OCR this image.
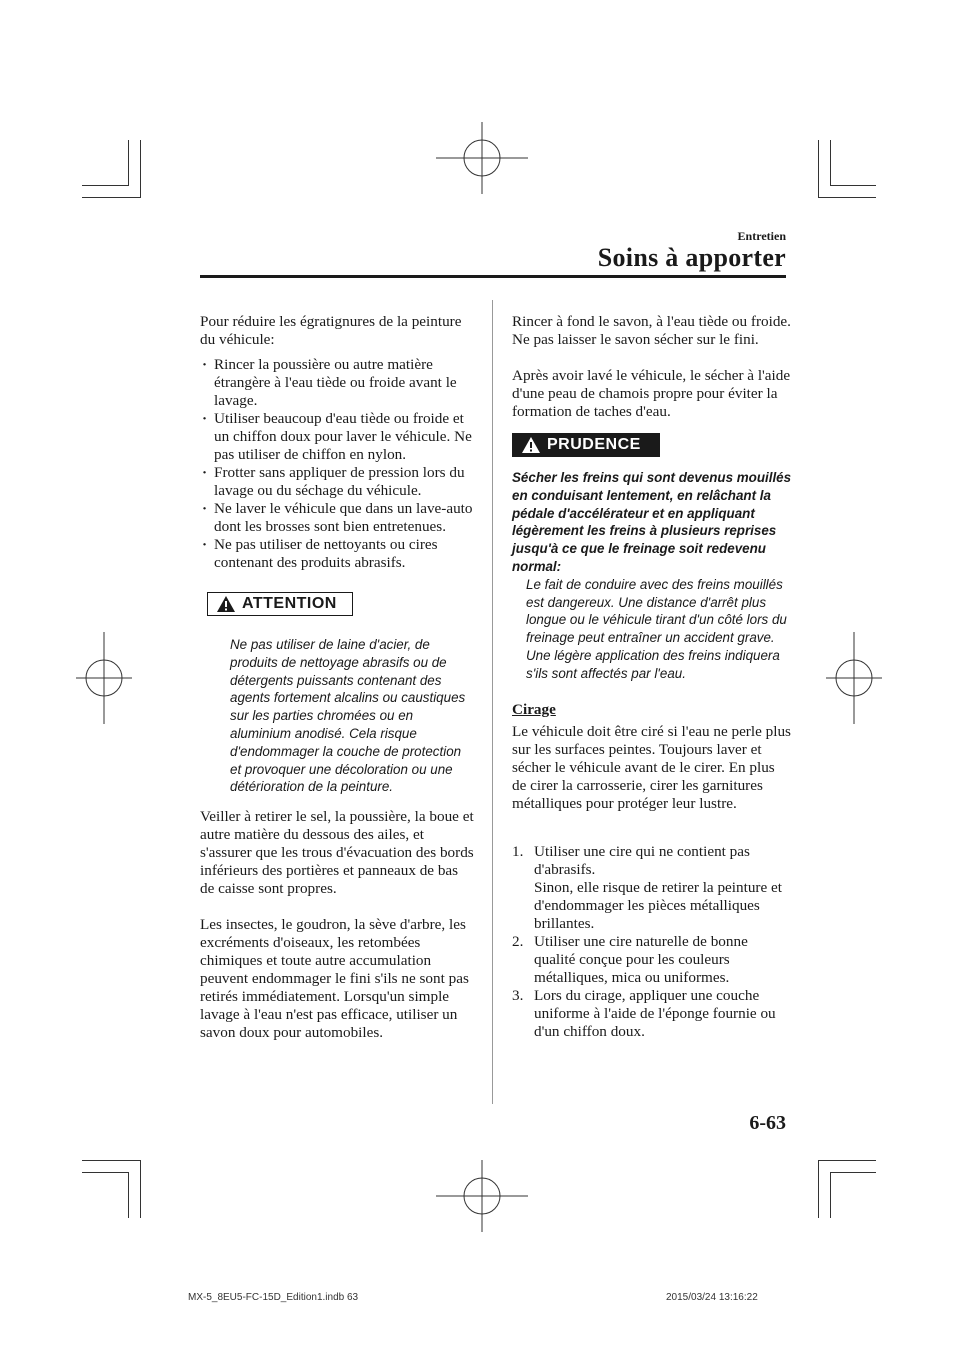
Entretien
Soins à apporter

Pour réduire les égratignures de la peinture du véhicule:

· Rincer la poussière ou autre matière étrangère à l'eau tiède ou froide avant le lavage.
· Utiliser beaucoup d'eau tiède ou froide et un chiffon doux pour laver le véhicule. Ne pas utiliser de chiffon en nylon.
· Frotter sans appliquer de pression lors du lavage ou du séchage du véhicule.
· Ne laver le véhicule que dans un lave-auto dont les brosses sont bien entretenues.
· Ne pas utiliser de nettoyants ou cires contenant des produits abrasifs.
ATTENTION

Ne pas utiliser de laine d'acier, de produits de nettoyage abrasifs ou de détergents puissants contenant des agents fortement alcalins ou caustiques sur les parties chromées ou en aluminium anodisé. Cela risque d'endommager la couche de protection et provoquer une décoloration ou une détérioration de la peinture.

Veiller à retirer le sel, la poussière, la boue et autre matière du dessous des ailes, et s'assurer que les trous d'évacuation des bords inférieurs des portières et panneaux de bas de caisse sont propres.

Les insectes, le goudron, la sève d'arbre, les excréments d'oiseaux, les retombées chimiques et toute autre accumulation peuvent endommager le fini s'ils ne sont pas retirés immédiatement. Lorsqu'un simple lavage à l'eau n'est pas efficace, utiliser un savon doux pour automobiles.

Rincer à fond le savon, à l'eau tiède ou froide. Ne pas laisser le savon sécher sur le fini.

Après avoir lavé le véhicule, le sécher à l'aide d'une peau de chamois propre pour éviter la formation de taches d'eau.

PRUDENCE

Sécher les freins qui sont devenus mouillés en conduisant lentement, en relâchant la pédale d'accélérateur et en appliquant légèrement les freins à plusieurs reprises jusqu'à ce que le freinage soit redevenu normal:

Le fait de conduire avec des freins mouillés est dangereux. Une distance d'arrêt plus longue ou le véhicule tirant d'un côté lors du freinage peut entraîner un accident grave. Une légère application des freins indiquera s'ils sont affectés par l'eau.

Cirage

Le véhicule doit être ciré si l'eau ne perle plus sur les surfaces peintes. Toujours laver et sécher le véhicule avant de le cirer. En plus de cirer la carrosserie, cirer les garnitures métalliques pour protéger leur lustre.

1. Utiliser une cire qui ne contient pas d'abrasifs.
Sinon, elle risque de retirer la peinture et d'endommager les pièces métalliques brillantes.
2. Utiliser une cire naturelle de bonne qualité conçue pour les couleurs métalliques, mica ou uniformes.
3. Lors du cirage, appliquer une couche uniforme à l'aide de l'éponge fournie ou d'un chiffon doux.
6-63
MX-5_8EU5-FC-15D_Edition1.indb 63	2015/03/24 13:16:22
